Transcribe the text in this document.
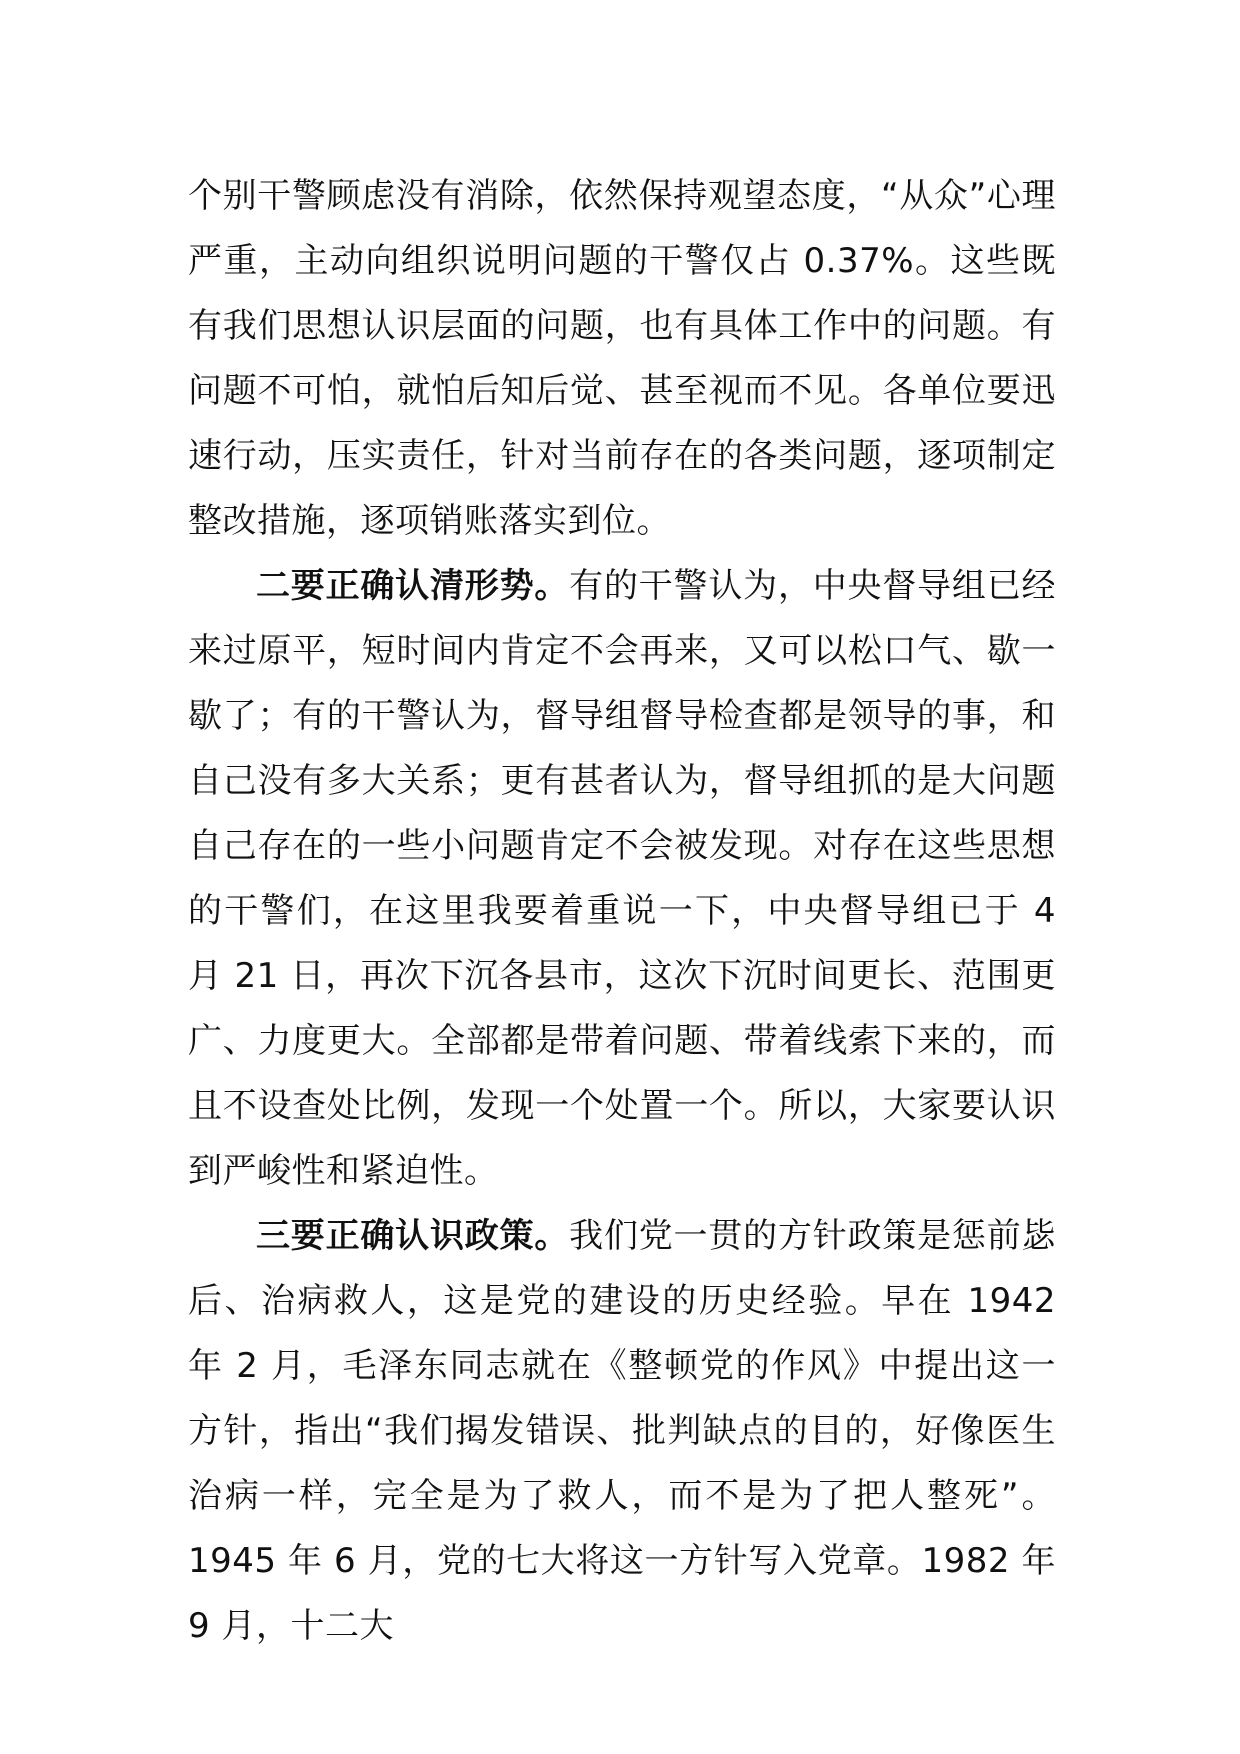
个别干警顾虑没有消除，依然保持观望态度，“从众”心理严重，主动向组织说明问题的干警仅占 0.37%。这些既有我们思想认识层面的问题，也有具体工作中的问题。有问题不可怕，就怕后知后觉、甚至视而不见。各单位要迅速行动，压实责任，针对当前存在的各类问题，逐项制定整改措施，逐项销账落实到位。

二要正确认清形势。有的干警认为，中央督导组已经来过原平，短时间内肯定不会再来，又可以松口气、歇一歇了；有的干警认为，督导组督导检查都是领导的事，和自己没有多大关系；更有甚者认为，督导组抓的是大问题自己存在的一些小问题肯定不会被发现。对存在这些思想的干警们，在这里我要着重说一下，中央督导组已于 4 月 21 日，再次下沉各县市，这次下沉时间更长、范围更广、力度更大。全部都是带着问题、带着线索下来的，而且不设查处比例，发现一个处置一个。所以，大家要认识到严峻性和紧迫性。

三要正确认识政策。我们党一贯的方针政策是惩前毖后、治病救人，这是党的建设的历史经验。早在 1942 年 2 月，毛泽东同志就在《整顿党的作风》中提出这一方针，指出“我们揭发错误、批判缺点的目的，好像医生治病一样，完全是为了救人，而不是为了把人整死”。1945 年 6 月，党的七大将这一方针写入党章。1982 年 9 月，十二大
